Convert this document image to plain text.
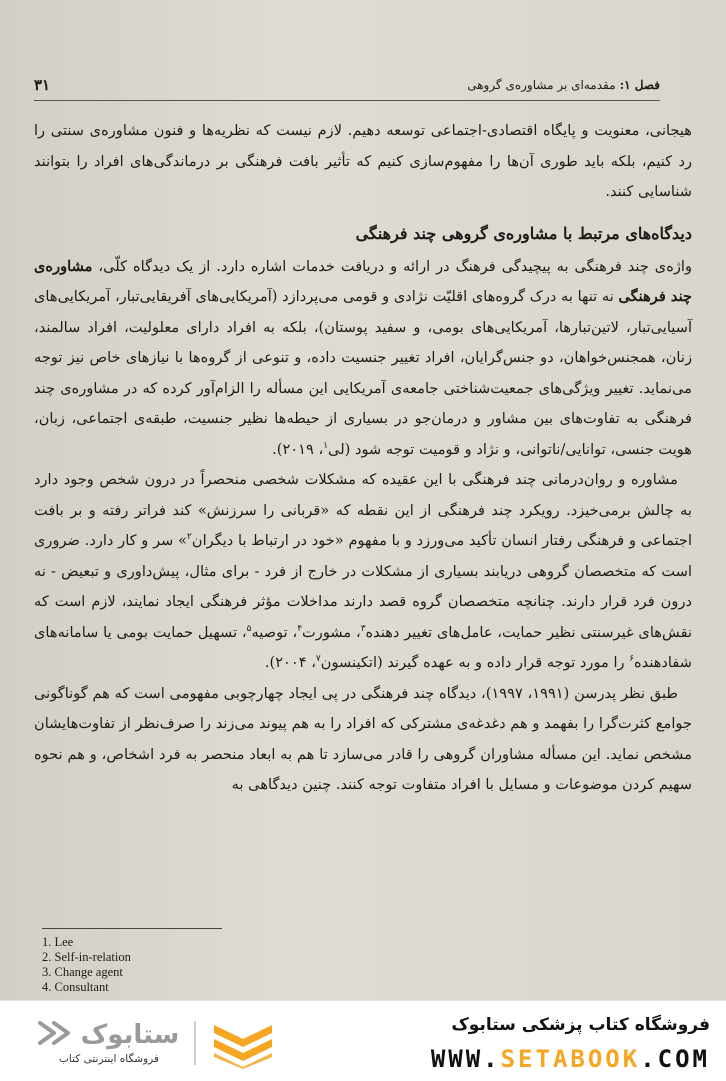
فصل ۱: مقدمه‌ای بر مشاوره‌ی گروهی
۳۱

هیجانی، معنویت و پایگاه اقتصادی-اجتماعی توسعه دهیم. لازم نیست که نظریه‌ها و فنون مشاوره‌ی سنتی را رد کنیم، بلکه باید طوری آن‌ها را مفهوم‌سازی کنیم که تأثیر بافت فرهنگی بر درماندگی‌های افراد را بتوانند شناسایی کنند.

دیدگاه‌های مرتبط با مشاوره‌ی گروهی چند فرهنگی

واژه‌ی چند فرهنگی به پیچیدگی فرهنگ در ارائه و دریافت خدمات اشاره دارد. از یک دیدگاه کلّی، مشاوره‌ی چند فرهنگی نه تنها به درک گروه‌های اقلیّت نژادی و قومی می‌پردازد (آمریکایی‌های آفریقایی‌تبار، آمریکایی‌های آسیایی‌تبار، لاتین‌تبارها، آمریکایی‌های بومی، و سفید پوستان)، بلکه به افراد دارای معلولیت، افراد سالمند، زنان، همجنس‌خواهان، دو جنس‌گرایان، افراد تغییر جنسیت داده، و تنوعی از گروه‌ها با نیازهای خاص نیز توجه می‌نماید. تغییر ویژگی‌های جمعیت‌شناختی جامعه‌ی آمریکایی این مسأله را الزام‌آور کرده که در مشاوره‌ی چند فرهنگی به تفاوت‌های بین مشاور و درمان‌جو در بسیاری از حیطه‌ها نظیر جنسیت، طبقه‌ی اجتماعی، زبان، هویت جنسی، توانایی/ناتوانی، و نژاد و قومیت توجه شود (لی$^۱$، ۲۰۱۹).

مشاوره و روان‌درمانی چند فرهنگی با این عقیده که مشکلات شخصی منحصراً در درون شخص وجود دارد به چالش برمی‌خیزد. رویکرد چند فرهنگی از این نقطه که «قربانی را سرزنش» کند فراتر رفته و بر بافت اجتماعی و فرهنگی رفتار انسان تأکید می‌ورزد و با مفهوم «خود در ارتباط با دیگران$^۲$» سر و کار دارد. ضروری است که متخصصان گروهی دریابند بسیاری از مشکلات در خارج از فرد - برای مثال، پیش‌داوری و تبعیض - نه درون فرد قرار دارند. چنانچه متخصصان گروه قصد دارند مداخلات مؤثر فرهنگی ایجاد نمایند، لازم است که نقش‌های غیرسنتی نظیر حمایت، عامل‌های تغییر دهنده$^۳$، مشورت$^۴$، توصیه$^۵$، تسهیل حمایت بومی یا سامانه‌های شفادهنده$^۶$ را مورد توجه قرار داده و به عهده گیرند (اتکینسون$^۷$، ۲۰۰۴).

طبق نظر پدرسن (۱۹۹۱، ۱۹۹۷)، دیدگاه چند فرهنگی در پی ایجاد چهارچوبی مفهومی است که هم گوناگونی جوامع کثرت‌گرا را بفهمد و هم دغدغه‌ی مشترکی که افراد را به هم پیوند می‌زند را صرف‌نظر از تفاوت‌هایشان مشخص نماید. این مسأله مشاوران گروهی را قادر می‌سازد تا هم به ابعاد منحصر به فرد اشخاص، و هم نحوه سهیم کردن موضوعات و مسایل با افراد متفاوت توجه کنند. چنین دیدگاهی به

1. Lee
2. Self-in-relation
3. Change agent
4. Consultant
ستابوک
فروشگاه اینترنتی کتاب
فروشگاه کتاب پزشکی ستابوک
WWW.SETABOOK.COM
